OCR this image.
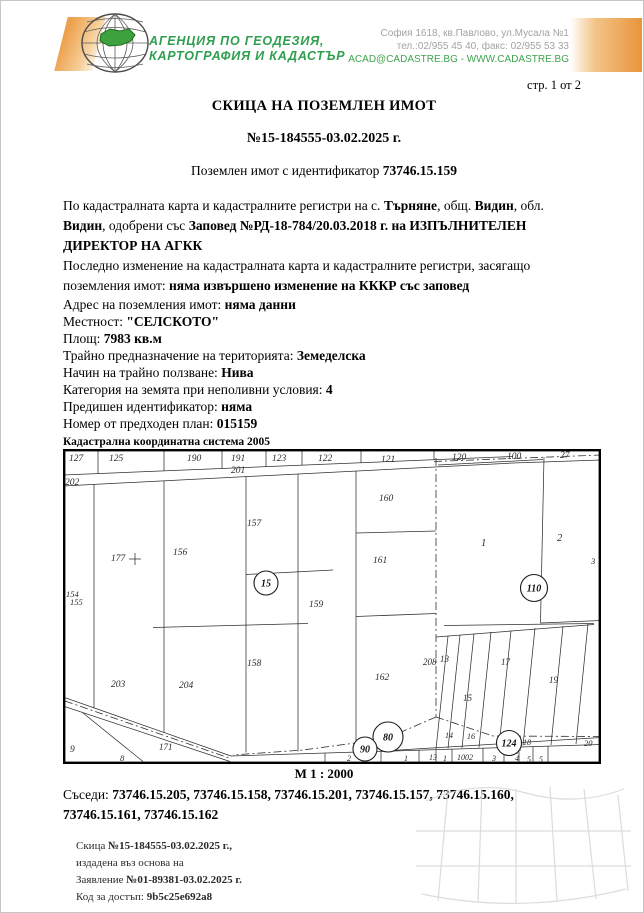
АГЕНЦИЯ ПО ГЕОДЕЗИЯ,
КАРТОГРАФИЯ И КАДАСТЪР
София 1618, кв.Павлово, ул.Мусала №1
тел.:02/955 45 40, факс: 02/955 53 33
ACAD@CADASTRE.BG - WWW.CADASTRE.BG
стр. 1 от 2
СКИЦА НА ПОЗЕМЛЕН ИМОТ
№15-184555-03.02.2025 г.
Поземлен имот с идентификатор 73746.15.159
По кадастралната карта и кадастралните регистри на с. Търняне, общ. Видин, обл. Видин, одобрени със Заповед №РД-18-784/20.03.2018 г. на ИЗПЪЛНИТЕЛЕН ДИРЕКТОР НА АГКК
Последно изменение на кадастралната карта и кадастралните регистри, засягащо поземления имот: няма извършено изменение на КККР със заповед
Адрес на поземления имот: няма данни
Местност: "СЕЛСКОТО"
Площ: 7983 кв.м
Трайно предназначение на територията: Земеделска
Начин на трайно ползване: Нива
Категория на земята при неполивни условия: 4
Предишен идентификатор: няма
Номер от предходен план: 015159
Кадастрална координатна система 2005
127	125	190	191	123	122	121	120	100	27
201
202
154
155
177
156
157
160
161
159
158
203	204
162
1	2
3
208 13
15
17
19
9
8
171
14 16
18	20
2	1	13 1 1002 3 4 5 5
15	110
80
90
124
М 1 : 2000
Съседи: 73746.15.205, 73746.15.158, 73746.15.201, 73746.15.157, 73746.15.160, 73746.15.161, 73746.15.162
Скица №15-184555-03.02.2025 г.,
издадена въз основа на
Заявление №01-89381-03.02.2025 г.
Код за достъп: 9b5c25e692a8
